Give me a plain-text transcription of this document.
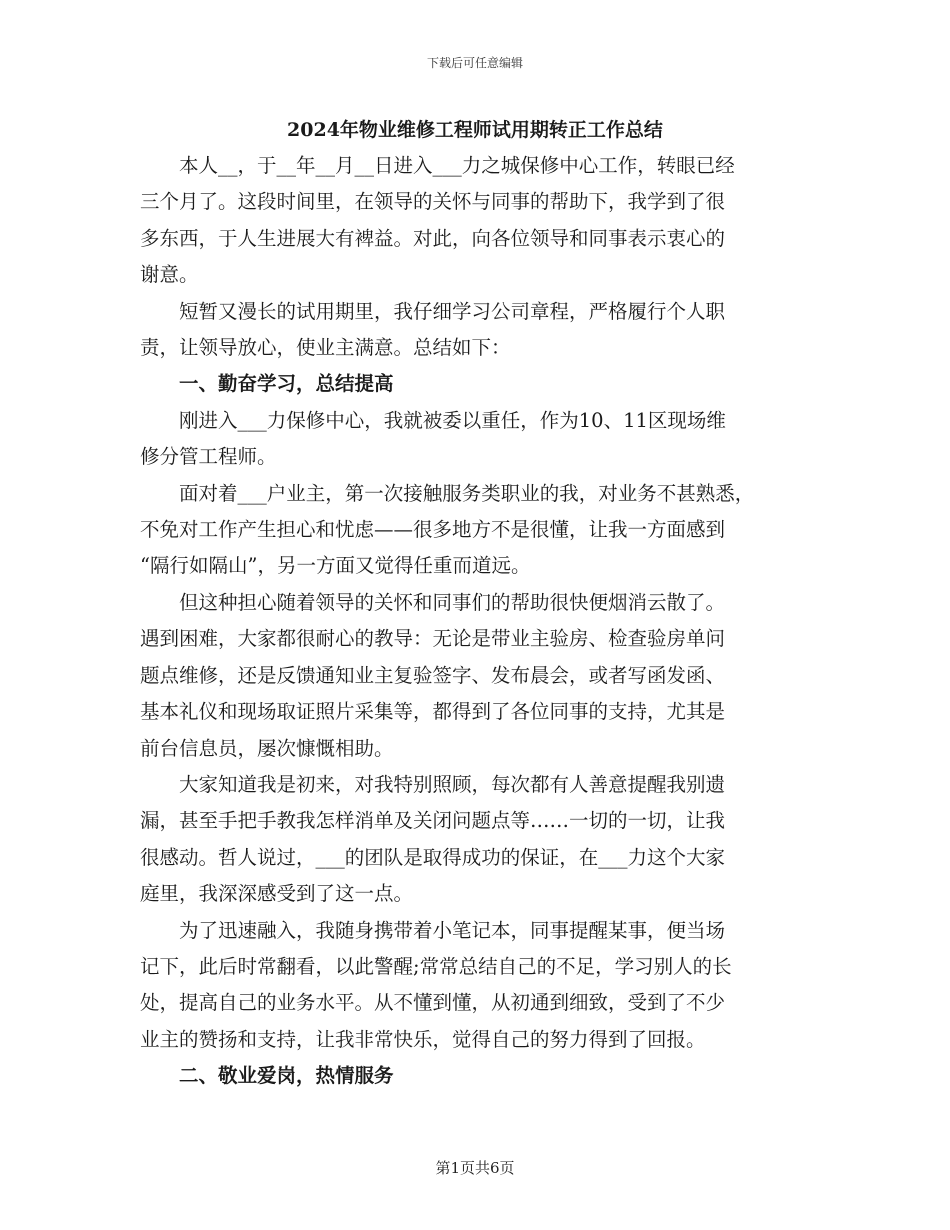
下载后可任意编辑
2024年物业维修工程师试用期转正工作总结

本人__，于__年__月__日进入___力之城保修中心工作，转眼已经
三个月了。这段时间里，在领导的关怀与同事的帮助下，我学到了很
多东西，于人生进展大有裨益。对此，向各位领导和同事表示衷心的
谢意。

短暂又漫长的试用期里，我仔细学习公司章程，严格履行个人职
责，让领导放心，使业主满意。总结如下：

一、勤奋学习，总结提高

刚进入___力保修中心，我就被委以重任，作为10、11区现场维
修分管工程师。

面对着___户业主，第一次接触服务类职业的我，对业务不甚熟悉，
不免对工作产生担心和忧虑——很多地方不是很懂，让我一方面感到
“隔行如隔山”，另一方面又觉得任重而道远。

但这种担心随着领导的关怀和同事们的帮助很快便烟消云散了。
遇到困难，大家都很耐心的教导：无论是带业主验房、检查验房单问
题点维修，还是反馈通知业主复验签字、发布晨会，或者写函发函、
基本礼仪和现场取证照片采集等，都得到了各位同事的支持，尤其是
前台信息员，屡次慷慨相助。

大家知道我是初来，对我特别照顾，每次都有人善意提醒我别遗
漏，甚至手把手教我怎样消单及关闭问题点等……一切的一切，让我
很感动。哲人说过，___的团队是取得成功的保证，在___力这个大家
庭里，我深深感受到了这一点。

为了迅速融入，我随身携带着小笔记本，同事提醒某事，便当场
记下，此后时常翻看，以此警醒;常常总结自己的不足，学习别人的长
处，提高自己的业务水平。从不懂到懂，从初通到细致，受到了不少
业主的赞扬和支持，让我非常快乐，觉得自己的努力得到了回报。

二、敬业爱岗，热情服务
第1页共6页
